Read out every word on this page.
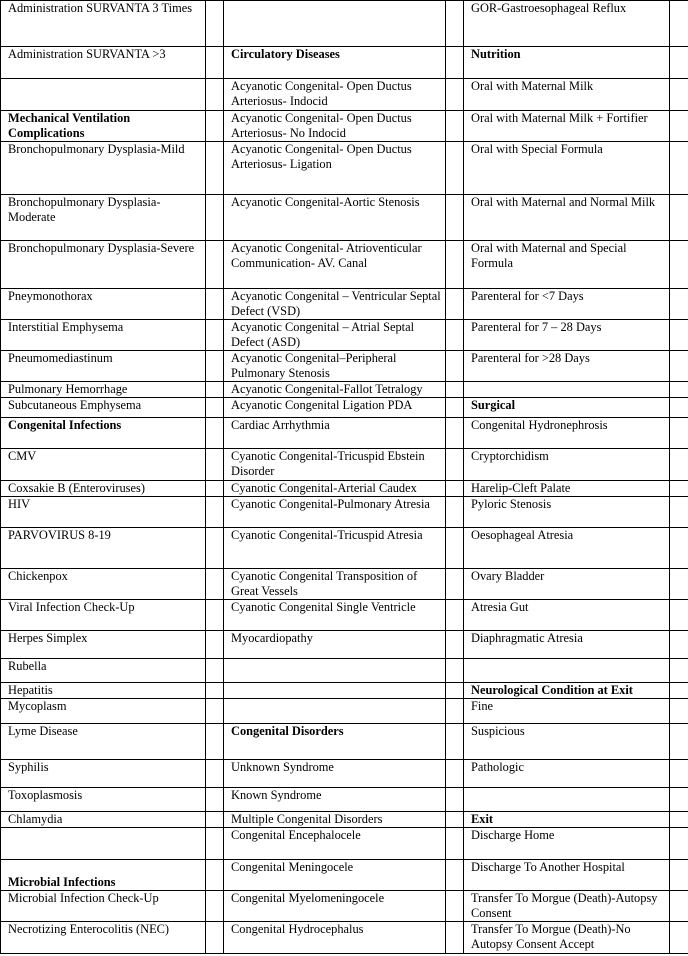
Administration SURVANTA 3 Times				GOR-Gastroesophageal Reflux	
Administration SURVANTA >3		Circulatory Diseases		Nutrition	
		Acyanotic Congenital- Open Ductus Arteriosus- Indocid		Oral with Maternal Milk	
Mechanical Ventilation Complications		Acyanotic Congenital- Open Ductus Arteriosus- No Indocid		Oral with Maternal Milk + Fortifier	
Bronchopulmonary Dysplasia-Mild		Acyanotic Congenital- Open Ductus Arteriosus- Ligation		Oral with Special Formula	
Bronchopulmonary Dysplasia-Moderate		Acyanotic Congenital-Aortic Stenosis		Oral with Maternal and Normal Milk	
Bronchopulmonary Dysplasia-Severe		Acyanotic Congenital- Atrioventicular Communication- AV. Canal		Oral with Maternal and Special Formula	
Pneymonothorax		Acyanotic Congenital – Ventricular Septal Defect (VSD)		Parenteral for <7 Days	
Interstitial Emphysema		Acyanotic Congenital – Atrial Septal Defect (ASD)		Parenteral for 7 – 28 Days	
Pneumomediastinum		Acyanotic Congenital–Peripheral Pulmonary Stenosis		Parenteral for >28 Days	
Pulmonary Hemorrhage		Acyanotic Congenital-Fallot Tetralogy			
Subcutaneous Emphysema		Acyanotic Congenital Ligation PDA		Surgical	
Congenital Infections		Cardiac Arrhythmia		Congenital Hydronephrosis	
CMV		Cyanotic Congenital-Tricuspid Ebstein Disorder		Cryptorchidism	
Coxsakie B (Enteroviruses)		Cyanotic Congenital-Arterial Caudex		Harelip-Cleft Palate	
HIV		Cyanotic Congenital-Pulmonary Atresia		Pyloric Stenosis	
PARVOVIRUS 8-19		Cyanotic Congenital-Tricuspid Atresia		Oesophageal Atresia	
Chickenpox		Cyanotic Congenital Transposition of Great Vessels		Ovary Bladder	
Viral Infection Check-Up		Cyanotic Congenital Single Ventricle		Atresia Gut	
Herpes Simplex		Myocardiopathy		Diaphragmatic Atresia	
Rubella					
Hepatitis				Neurological Condition at Exit	
Mycoplasm				Fine	
Lyme Disease		Congenital Disorders		Suspicious	
Syphilis		Unknown Syndrome		Pathologic	
Toxoplasmosis		Known Syndrome			
Chlamydia		Multiple Congenital Disorders		Exit	
		Congenital Encephalocele		Discharge Home	
Microbial Infections		Congenital Meningocele		Discharge To Another Hospital	
Microbial Infection Check-Up		Congenital Myelomeningocele		Transfer To Morgue (Death)-Autopsy Consent	
Necrotizing Enterocolitis (NEC)		Congenital Hydrocephalus		Transfer To Morgue (Death)-No Autopsy Consent Accept	
